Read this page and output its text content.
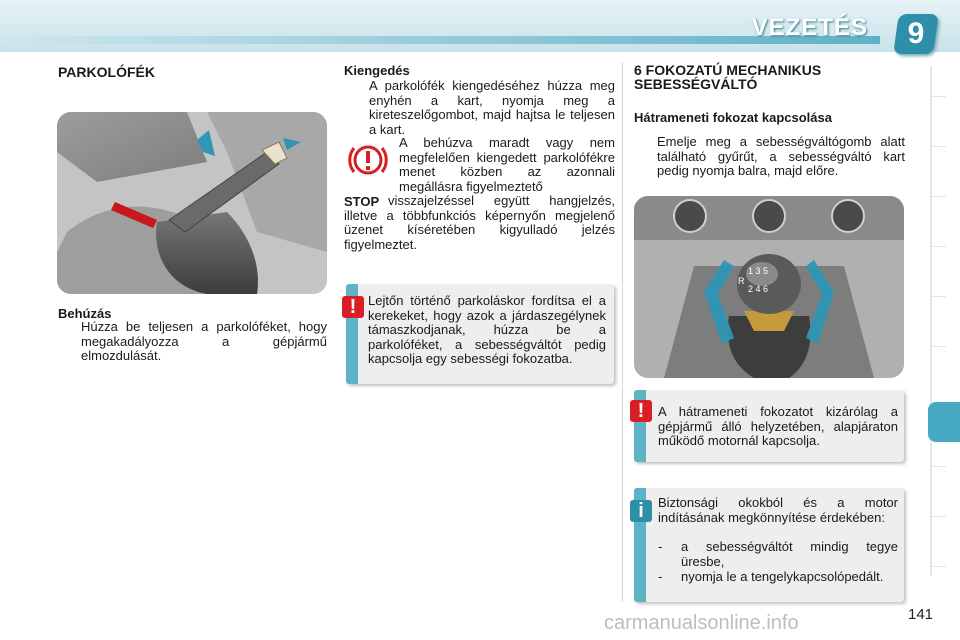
VEZETÉS	9
PARKOLÓFÉK
Behúzás

Húzza be teljesen a parkolóféket, hogy megakadályozza a gépjármű elmozdulását.

Kiengedés

A parkolófék kiengedéséhez húzza meg enyhén a kart, nyomja meg a kireteszelőgombot, majd hajtsa le teljesen a kart.

A behúzva maradt vagy nem megfelelően kiengedett parkolófékre menet közben az azonnali megállásra figyelmeztető

visszajelzéssel együtt hangjelzés, illetve a többfunkciós képernyőn megjelenő üzenet kíséretében kigyulladó jelzés figyelmeztet.

STOP
! Lejtőn történő parkoláskor fordítsa el a kerekeket, hogy azok a járdaszegélynek támaszkodjanak, húzza be a parkolóféket, a sebességváltót pedig kapcsolja egy sebességi fokozatba.
6 FOKOZATÚ MECHANIKUS
SEBESSÉGVÁLTÓ
Hátrameneti fokozat kapcsolása

Emelje meg a sebességváltógomb alatt található gyűrűt, a sebességváltó kart pedig nyomja balra, majd előre.

1 3 5
2 4 6
R
!	A hátrameneti fokozatot kizárólag a gépjármű álló helyzetében, alapjáraton működő motornál kapcsolja.
i	Biztonsági okokból és a motor indításának megkönnyítése érdekében:
-	a sebességváltót mindig tegye üresbe,
-	nyomja le a tengelykapcsolópedált.
carmanualsonline.info	141
